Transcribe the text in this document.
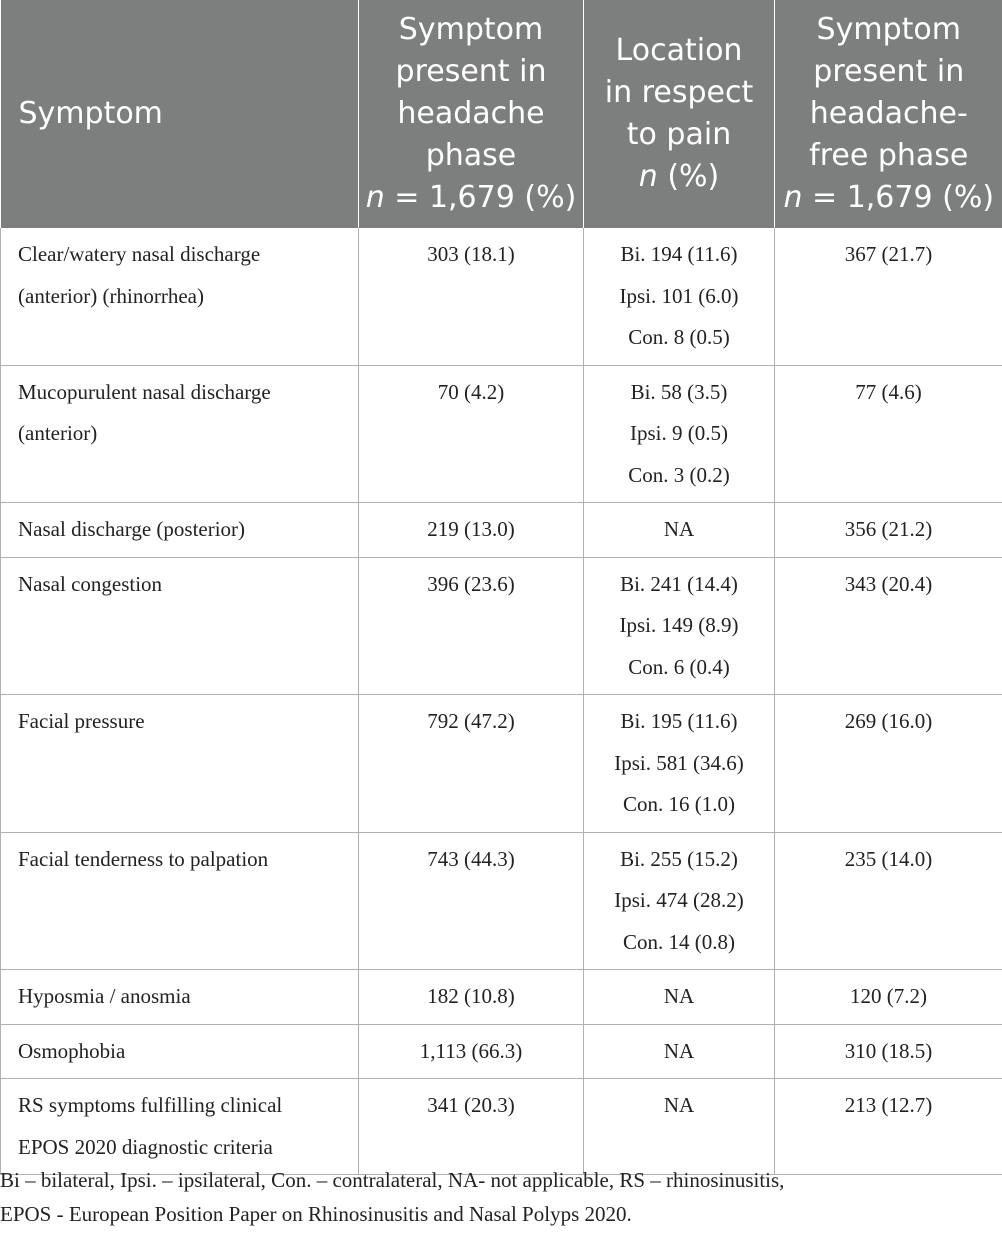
Symptom	Symptom
present in
headache
phase
n = 1,679 (%)	Location
in respect
to pain
n (%)	Symptom
present in
headache-
free phase
n = 1,679 (%)

Clear/watery nasal discharge
(anterior) (rhinorrhea)	303 (18.1)	Bi. 194 (11.6)
Ipsi. 101 (6.0)
Con. 8 (0.5)	367 (21.7)

Mucopurulent nasal discharge
(anterior)	70 (4.2)	Bi. 58 (3.5)
Ipsi. 9 (0.5)
Con. 3 (0.2)	77 (4.6)

Nasal discharge (posterior)	219 (13.0)	NA	356 (21.2)

Nasal congestion	396 (23.6)	Bi. 241 (14.4)
Ipsi. 149 (8.9)
Con. 6 (0.4)	343 (20.4)

Facial pressure	792 (47.2)	Bi. 195 (11.6)
Ipsi. 581 (34.6)
Con. 16 (1.0)	269 (16.0)

Facial tenderness to palpation	743 (44.3)	Bi. 255 (15.2)
Ipsi. 474 (28.2)
Con. 14 (0.8)	235 (14.0)

Hyposmia / anosmia	182 (10.8)	NA	120 (7.2)

Osmophobia	1,113 (66.3)	NA	310 (18.5)

RS symptoms fulfilling clinical
EPOS 2020 diagnostic criteria	341 (20.3)	NA	213 (12.7)
Bi – bilateral, Ipsi. – ipsilateral, Con. – contralateral, NA- not applicable, RS – rhinosinusitis,
EPOS - European Position Paper on Rhinosinusitis and Nasal Polyps 2020.
